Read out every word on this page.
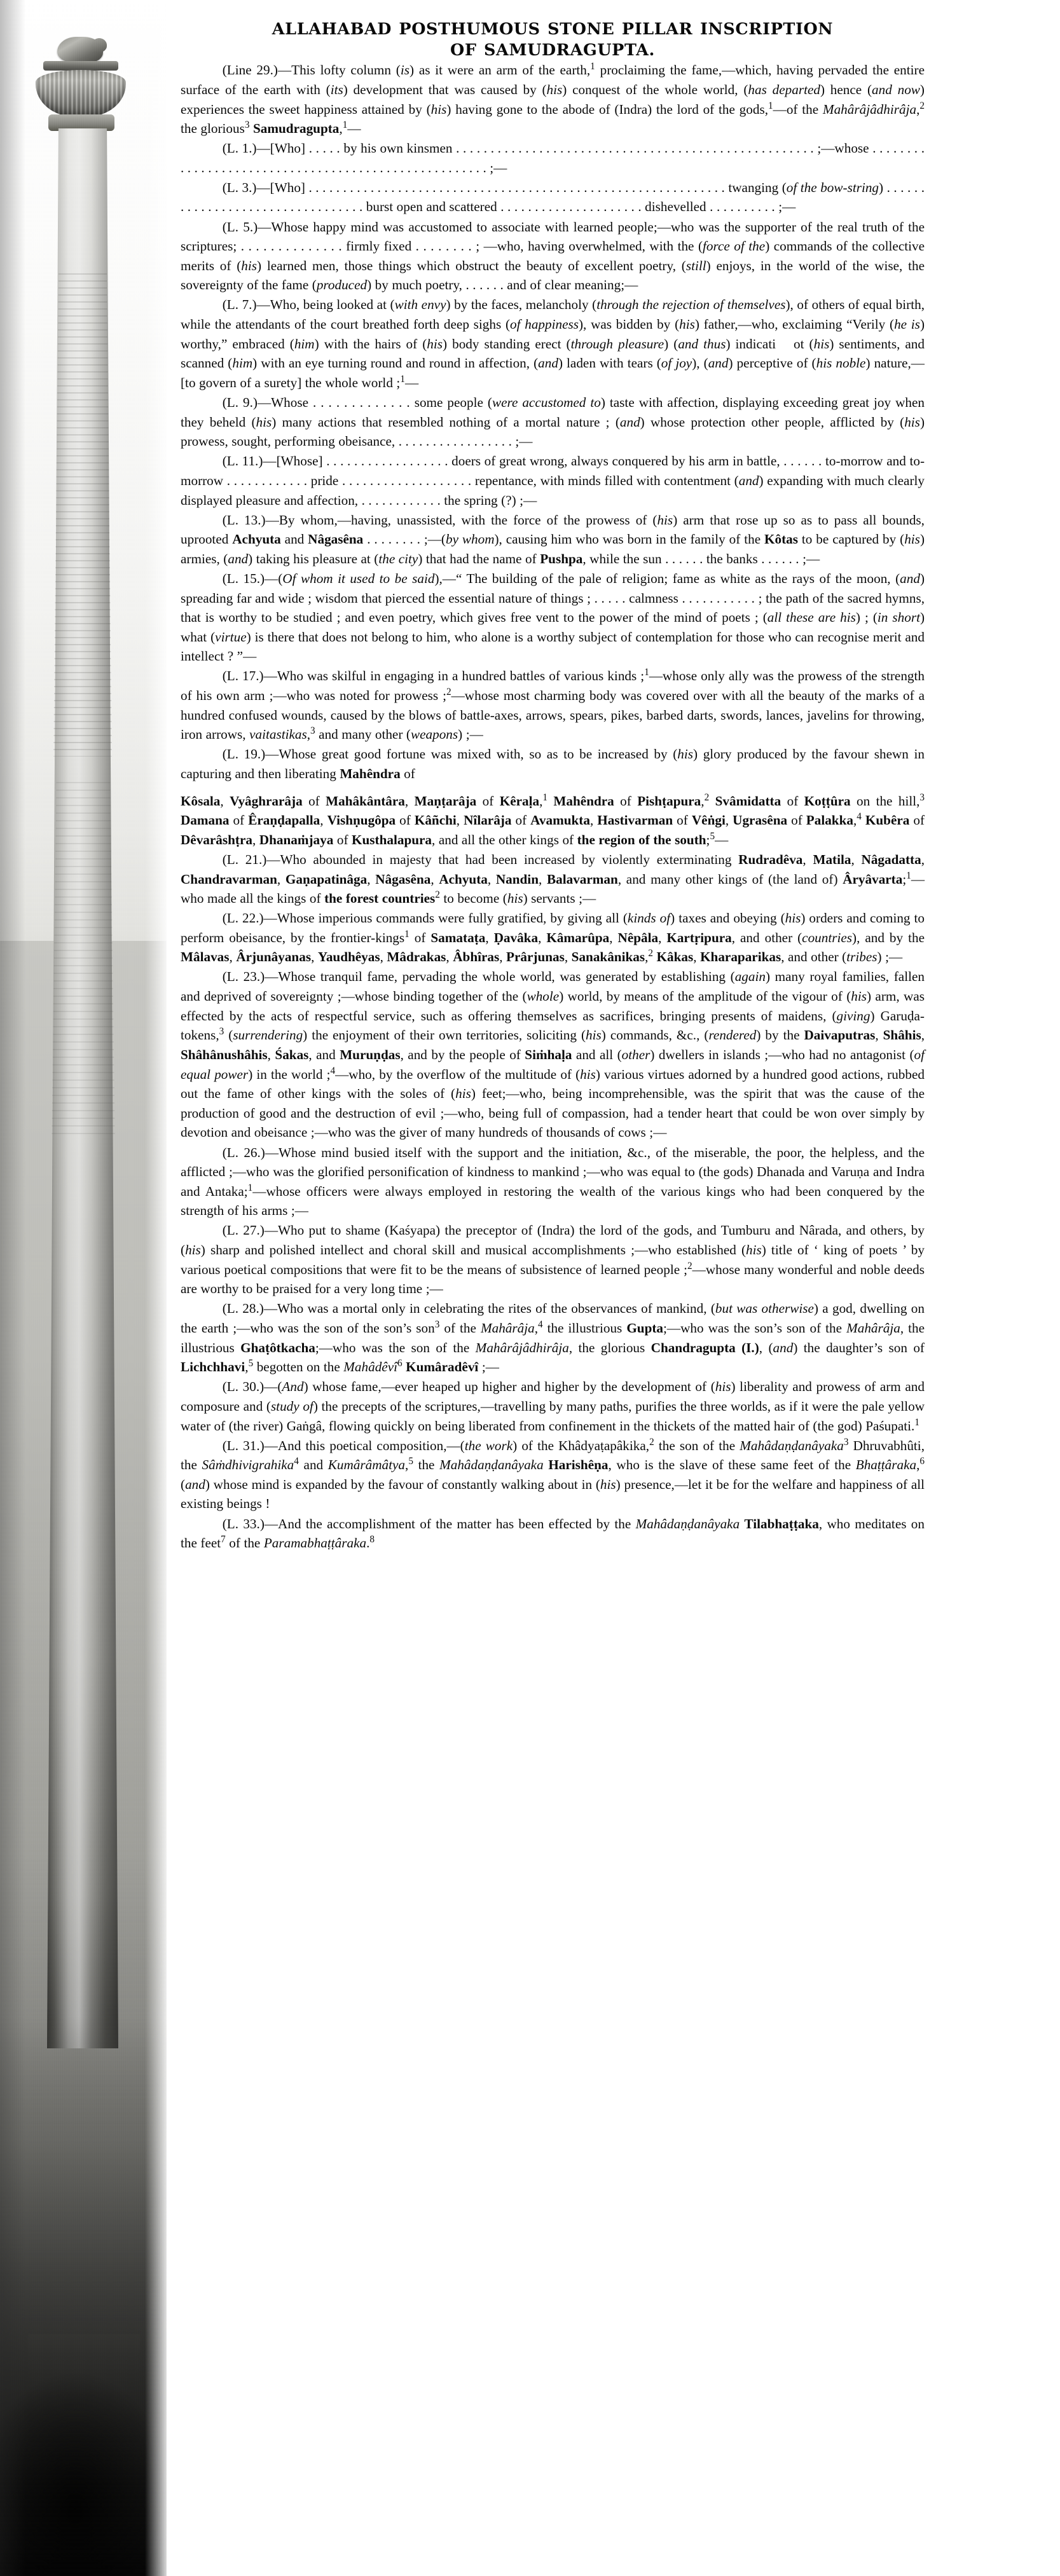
ALLAHABAD POSTHUMOUS STONE PILLAR INSCRIPTION
OF SAMUDRAGUPTA.

(Line 29.)—This lofty column (is) as it were an arm of the earth,$^1$ proclaiming the fame,—which, having pervaded the entire surface of the earth with (its) development that was caused by (his) conquest of the whole world, (has departed) hence (and now) experiences the sweet happiness attained by (his) having gone to the abode of (Indra) the lord of the gods,$^1$—of the Mahârâjâdhirâja,$^2$ the glorious$^3$ Samudragupta,$^1$—

(L. 1.)—[Who] . . . . . by his own kinsmen . . . . . . . . . . . . . . . . . . . . . . . . . . . . . . . . . . . . . . . . . . . . . . . . . . . . ;—whose . . . . . . . . . . . . . . . . . . . . . . . . . . . . . . . . . . . . . . . . . . . . . . . . . . . . . ;—

(L. 3.)—[Who] . . . . . . . . . . . . . . . . . . . . . . . . . . . . . . . . . . . . . . . . . . . . . . . . . . . . . . . . . . . . . twanging (of the bow-string) . . . . . . . . . . . . . . . . . . . . . . . . . . . . . . . . . burst open and scattered . . . . . . . . . . . . . . . . . . . . . dishevelled . . . . . . . . . . ;—

(L. 5.)—Whose happy mind was accustomed to associate with learned people;—who was the supporter of the real truth of the scriptures; . . . . . . . . . . . . . . firmly fixed . . . . . . . . ; —who, having overwhelmed, with the (force of the) commands of the collective merits of (his) learned men, those things which obstruct the beauty of excellent poetry, (still) enjoys, in the world of the wise, the sovereignty of the fame (produced) by much poetry, . . . . . . and of clear meaning;—

(L. 7.)—Who, being looked at (with envy) by the faces, melancholy (through the rejection of themselves), of others of equal birth, while the attendants of the court breathed forth deep sighs (of happiness), was bidden by (his) father,—who, exclaiming “Verily (he is) worthy,” embraced (him) with the hairs of (his) body standing erect (through pleasure) (and thus) indicati ot (his) sentiments, and scanned (him) with an eye turning round and round in affection, (and) laden with tears (of joy), (and) perceptive of (his noble) nature,—[to govern of a surety] the whole world ;$^1$—

(L. 9.)—Whose . . . . . . . . . . . . . some people (were accustomed to) taste with affection, displaying exceeding great joy when they beheld (his) many actions that resembled nothing of a mortal nature ; (and) whose protection other people, afflicted by (his) prowess, sought, performing obeisance, . . . . . . . . . . . . . . . . . ;—

(L. 11.)—[Whose] . . . . . . . . . . . . . . . . . . doers of great wrong, always conquered by his arm in battle, . . . . . . to-morrow and to-morrow . . . . . . . . . . . . pride . . . . . . . . . . . . . . . . . . . repentance, with minds filled with contentment (and) expanding with much clearly displayed pleasure and affection, . . . . . . . . . . . . the spring (?) ;—

(L. 13.)—By whom,—having, unassisted, with the force of the prowess of (his) arm that rose up so as to pass all bounds, uprooted Achyuta and Nâgasêna . . . . . . . . ;—(by whom), causing him who was born in the family of the Kôtas to be captured by (his) armies, (and) taking his pleasure at (the city) that had the name of Pushpa, while the sun . . . . . . the banks . . . . . . ;—

(L. 15.)—(Of whom it used to be said),—“ The building of the pale of religion; fame as white as the rays of the moon, (and) spreading far and wide ; wisdom that pierced the essential nature of things ; . . . . . calmness . . . . . . . . . . . ; the path of the sacred hymns, that is worthy to be studied ; and even poetry, which gives free vent to the power of the mind of poets ; (all these are his) ; (in short) what (virtue) is there that does not belong to him, who alone is a worthy subject of contemplation for those who can recognise merit and intellect ? ”—

(L. 17.)—Who was skilful in engaging in a hundred battles of various kinds ;$^1$—whose only ally was the prowess of the strength of his own arm ;—who was noted for prowess ;$^2$—whose most charming body was covered over with all the beauty of the marks of a hundred confused wounds, caused by the blows of battle-axes, arrows, spears, pikes, barbed darts, swords, lances, javelins for throwing, iron arrows, vaitastikas,$^3$ and many other (weapons) ;—

(L. 19.)—Whose great good fortune was mixed with, so as to be increased by (his) glory produced by the favour shewn in capturing and then liberating Mahêndra of

Kôsala, Vyâghrarâja of Mahâkântâra, Maṇṭarâja of Kêraḷa,$^1$ Mahêndra of Pishṭapura,$^2$ Svâmidatta of Koṭṭûra on the hill,$^3$ Damana of Êraṇḍapalla, Vishṇugôpa of Kâñchi, Nîlarâja of Avamukta, Hastivarman of Vêṅgi, Ugrasêna of Palakka,$^4$ Kubêra of Dêvarâshṭra, Dhanaṁjaya of Kusthalapura, and all the other kings of the region of the south;$^5$—

(L. 21.)—Who abounded in majesty that had been increased by violently exterminating Rudradêva, Matila, Nâgadatta, Chandravarman, Gaṇapatinâga, Nâgasêna, Achyuta, Nandin, Balavarman, and many other kings of (the land of) Âryâvarta;$^1$—who made all the kings of the forest countries$^2$ to become (his) servants ;—

(L. 22.)—Whose imperious commands were fully gratified, by giving all (kinds of) taxes and obeying (his) orders and coming to perform obeisance, by the frontier-kings$^1$ of Samataṭa, Ḍavâka, Kâmarûpa, Nêpâla, Kartṛipura, and other (countries), and by the Mâlavas, Ârjunâyanas, Yaudhêyas, Mâdrakas, Âbhîras, Prârjunas, Sanakânikas,$^2$ Kâkas, Kharaparikas, and other (tribes) ;—

(L. 23.)—Whose tranquil fame, pervading the whole world, was generated by establishing (again) many royal families, fallen and deprived of sovereignty ;—whose binding together of the (whole) world, by means of the amplitude of the vigour of (his) arm, was effected by the acts of respectful service, such as offering themselves as sacrifices, bringing presents of maidens, (giving) Garuḍa-tokens,$^3$ (surrendering) the enjoyment of their own territories, soliciting (his) commands, &c., (rendered) by the Daivaputras, Shâhis, Shâhânushâhis, Śakas, and Muruṇḍas, and by the people of Siṁhaḷa and all (other) dwellers in islands ;—who had no antagonist (of equal power) in the world ;$^4$—who, by the overflow of the multitude of (his) various virtues adorned by a hundred good actions, rubbed out the fame of other kings with the soles of (his) feet;—who, being incomprehensible, was the spirit that was the cause of the production of good and the destruction of evil ;—who, being full of compassion, had a tender heart that could be won over simply by devotion and obeisance ;—who was the giver of many hundreds of thousands of cows ;—

(L. 26.)—Whose mind busied itself with the support and the initiation, &c., of the miserable, the poor, the helpless, and the afflicted ;—who was the glorified personification of kindness to mankind ;—who was equal to (the gods) Dhanada and Varuṇa and Indra and Antaka;$^1$—whose officers were always employed in restoring the wealth of the various kings who had been conquered by the strength of his arms ;—

(L. 27.)—Who put to shame (Kaśyapa) the preceptor of (Indra) the lord of the gods, and Tumburu and Nârada, and others, by (his) sharp and polished intellect and choral skill and musical accomplishments ;—who established (his) title of ‘ king of poets ’ by various poetical compositions that were fit to be the means of subsistence of learned people ;$^2$—whose many wonderful and noble deeds are worthy to be praised for a very long time ;—

(L. 28.)—Who was a mortal only in celebrating the rites of the observances of mankind, (but was otherwise) a god, dwelling on the earth ;—who was the son of the son’s son$^3$ of the Mahârâja,$^4$ the illustrious Gupta;—who was the son’s son of the Mahârâja, the illustrious Ghaṭôtkacha;—who was the son of the Mahârâjâdhirâja, the glorious Chandragupta (I.), (and) the daughter’s son of Lichchhavi,$^5$ begotten on the Mahâdêvî$^6$ Kumâradêvî ;—

(L. 30.)—(And) whose fame,—ever heaped up higher and higher by the development of (his) liberality and prowess of arm and composure and (study of) the precepts of the scriptures,—travelling by many paths, purifies the three worlds, as if it were the pale yellow water of (the river) Gaṅgâ, flowing quickly on being liberated from confinement in the thickets of the matted hair of (the god) Paśupati.$^1$

(L. 31.)—And this poetical composition,—(the work) of the Khâdyaṭapâkika,$^2$ the son of the Mahâdaṇḍanâyaka$^3$ Dhruvabhûti, the Sâṁdhivigrahika$^4$ and Kumârâmâtya,$^5$ the Mahâdaṇḍanâyaka Harishêṇa, who is the slave of these same feet of the Bhaṭṭâraka,$^6$ (and) whose mind is expanded by the favour of constantly walking about in (his) presence,—let it be for the welfare and happiness of all existing beings !

(L. 33.)—And the accomplishment of the matter has been effected by the Mahâdaṇḍanâyaka Tilabhaṭṭaka, who meditates on the feet$^7$ of the Paramabhaṭṭâraka.$^8$
